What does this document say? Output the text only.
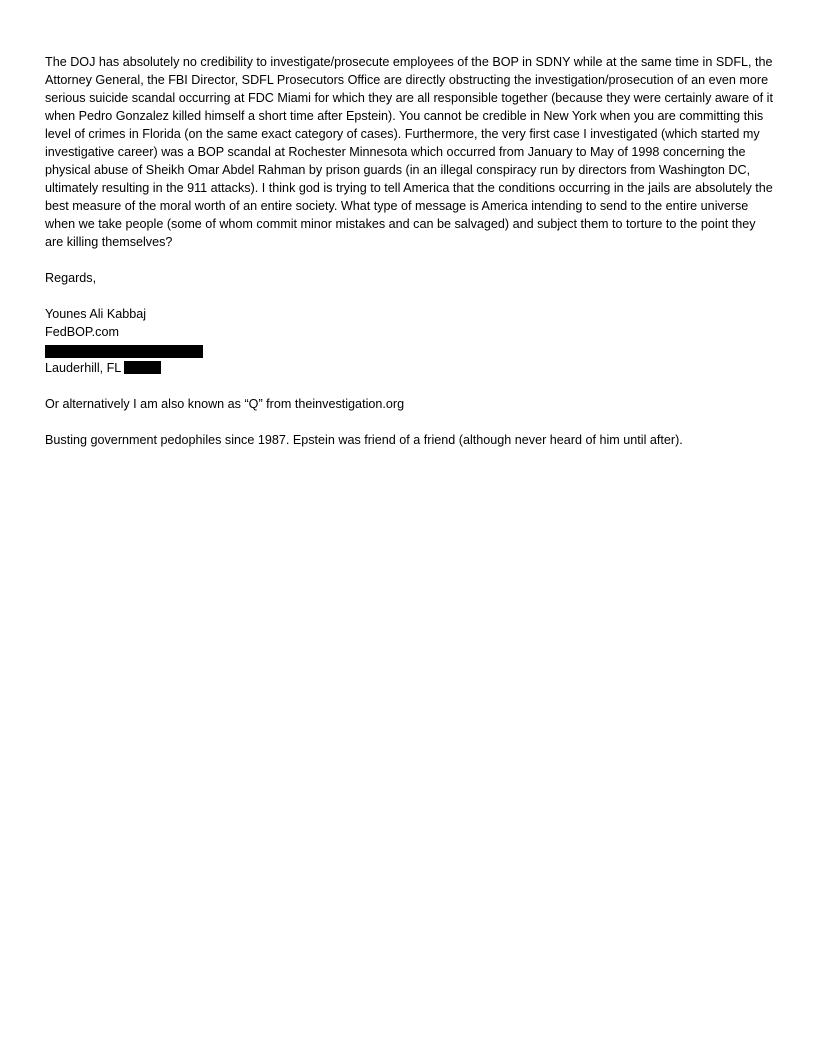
The DOJ has absolutely no credibility to investigate/prosecute employees of the BOP in SDNY while at the same time in SDFL, the Attorney General, the FBI Director, SDFL Prosecutors Office are directly obstructing the investigation/prosecution of an even more serious suicide scandal occurring at FDC Miami for which they are all responsible together (because they were certainly aware of it when Pedro Gonzalez killed himself a short time after Epstein). You cannot be credible in New York when you are committing this level of crimes in Florida (on the same exact category of cases). Furthermore, the very first case I investigated (which started my investigative career) was a BOP scandal at Rochester Minnesota which occurred from January to May of 1998 concerning the physical abuse of Sheikh Omar Abdel Rahman by prison guards (in an illegal conspiracy run by directors from Washington DC, ultimately resulting in the 911 attacks). I think god is trying to tell America that the conditions occurring in the jails are absolutely the best measure of the moral worth of an entire society. What type of message is America intending to send to the entire universe when we take people (some of whom commit minor mistakes and can be salvaged) and subject them to torture to the point they are killing themselves?

Regards,

Younes Ali Kabbaj
FedBOP.com
Lauderhill, FL

Or alternatively I am also known as “Q” from theinvestigation.org

Busting government pedophiles since 1987. Epstein was friend of a friend (although never heard of him until after).
